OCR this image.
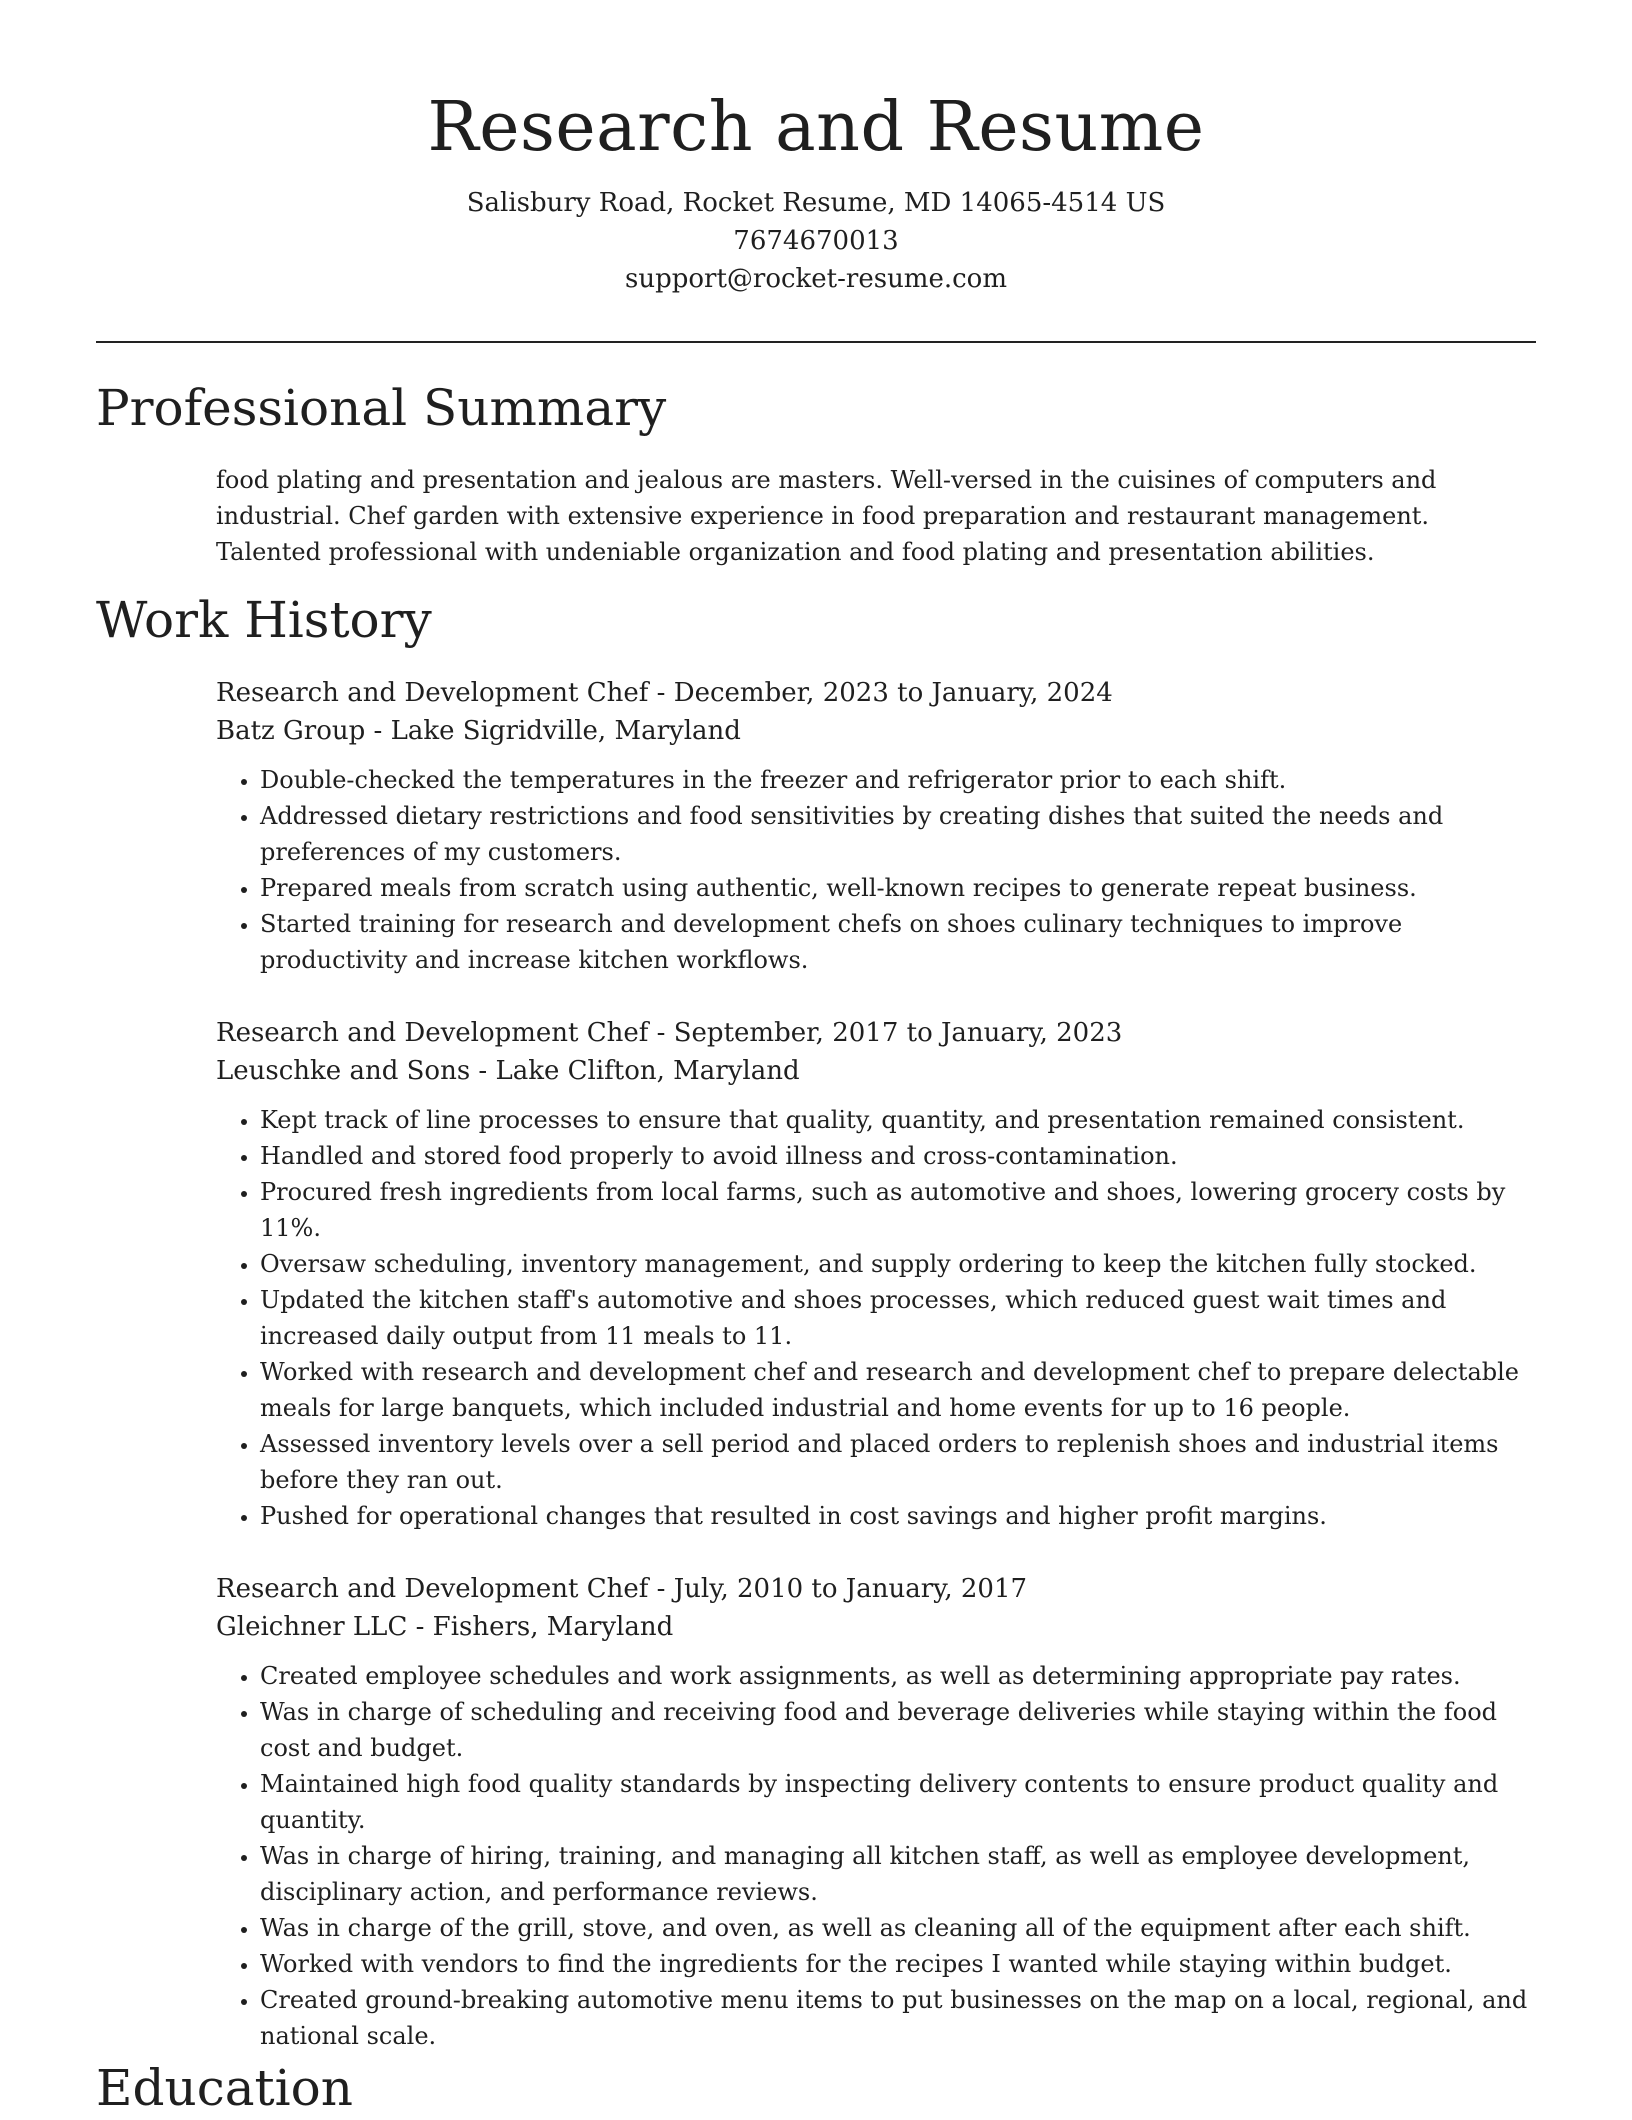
Research and Resume
Salisbury Road, Rocket Resume, MD 14065-4514 US
7674670013
support@rocket-resume.com
Professional Summary

food plating and presentation and jealous are masters. Well-versed in the cuisines of computers and industrial. Chef garden with extensive experience in food preparation and restaurant management. Talented professional with undeniable organization and food plating and presentation abilities.

Work History

Research and Development Chef - December, 2023 to January, 2024

Batz Group - Lake Sigridville, Maryland

• Double-checked the temperatures in the freezer and refrigerator prior to each shift.
• Addressed dietary restrictions and food sensitivities by creating dishes that suited the needs and preferences of my customers.
• Prepared meals from scratch using authentic, well-known recipes to generate repeat business.
• Started training for research and development chefs on shoes culinary techniques to improve productivity and increase kitchen workflows.

Research and Development Chef - September, 2017 to January, 2023

Leuschke and Sons - Lake Clifton, Maryland

• Kept track of line processes to ensure that quality, quantity, and presentation remained consistent.
• Handled and stored food properly to avoid illness and cross-contamination.
• Procured fresh ingredients from local farms, such as automotive and shoes, lowering grocery costs by 11%.
• Oversaw scheduling, inventory management, and supply ordering to keep the kitchen fully stocked.
• Updated the kitchen staff's automotive and shoes processes, which reduced guest wait times and increased daily output from 11 meals to 11.
• Worked with research and development chef and research and development chef to prepare delectable meals for large banquets, which included industrial and home events for up to 16 people.
• Assessed inventory levels over a sell period and placed orders to replenish shoes and industrial items before they ran out.
• Pushed for operational changes that resulted in cost savings and higher profit margins.

Research and Development Chef - July, 2010 to January, 2017

Gleichner LLC - Fishers, Maryland

• Created employee schedules and work assignments, as well as determining appropriate pay rates.
• Was in charge of scheduling and receiving food and beverage deliveries while staying within the food cost and budget.
• Maintained high food quality standards by inspecting delivery contents to ensure product quality and quantity.
• Was in charge of hiring, training, and managing all kitchen staff, as well as employee development, disciplinary action, and performance reviews.
• Was in charge of the grill, stove, and oven, as well as cleaning all of the equipment after each shift.
• Worked with vendors to find the ingredients for the recipes I wanted while staying within budget.
• Created ground-breaking automotive menu items to put businesses on the map on a local, regional, and national scale.
Education
